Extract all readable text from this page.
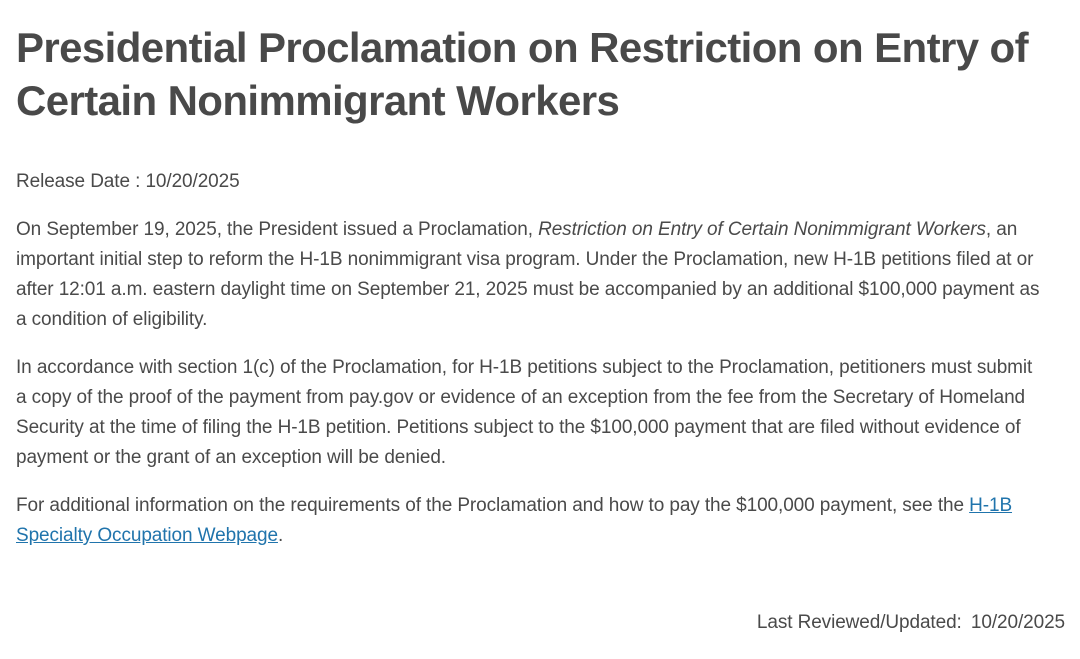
Presidential Proclamation on Restriction on Entry of Certain Nonimmigrant Workers
Release Date : 10/20/2025

On September 19, 2025, the President issued a Proclamation, Restriction on Entry of Certain Nonimmigrant Workers, an important initial step to reform the H-1B nonimmigrant visa program. Under the Proclamation, new H-1B petitions filed at or after 12:01 a.m. eastern daylight time on September 21, 2025 must be accompanied by an additional $100,000 payment as a condition of eligibility.

In accordance with section 1(c) of the Proclamation, for H-1B petitions subject to the Proclamation, petitioners must submit a copy of the proof of the payment from pay.gov or evidence of an exception from the fee from the Secretary of Homeland Security at the time of filing the H-1B petition. Petitions subject to the $100,000 payment that are filed without evidence of payment or the grant of an exception will be denied.

For additional information on the requirements of the Proclamation and how to pay the $100,000 payment, see the H-1B Specialty Occupation Webpage.

Last Reviewed/Updated: 10/20/2025
